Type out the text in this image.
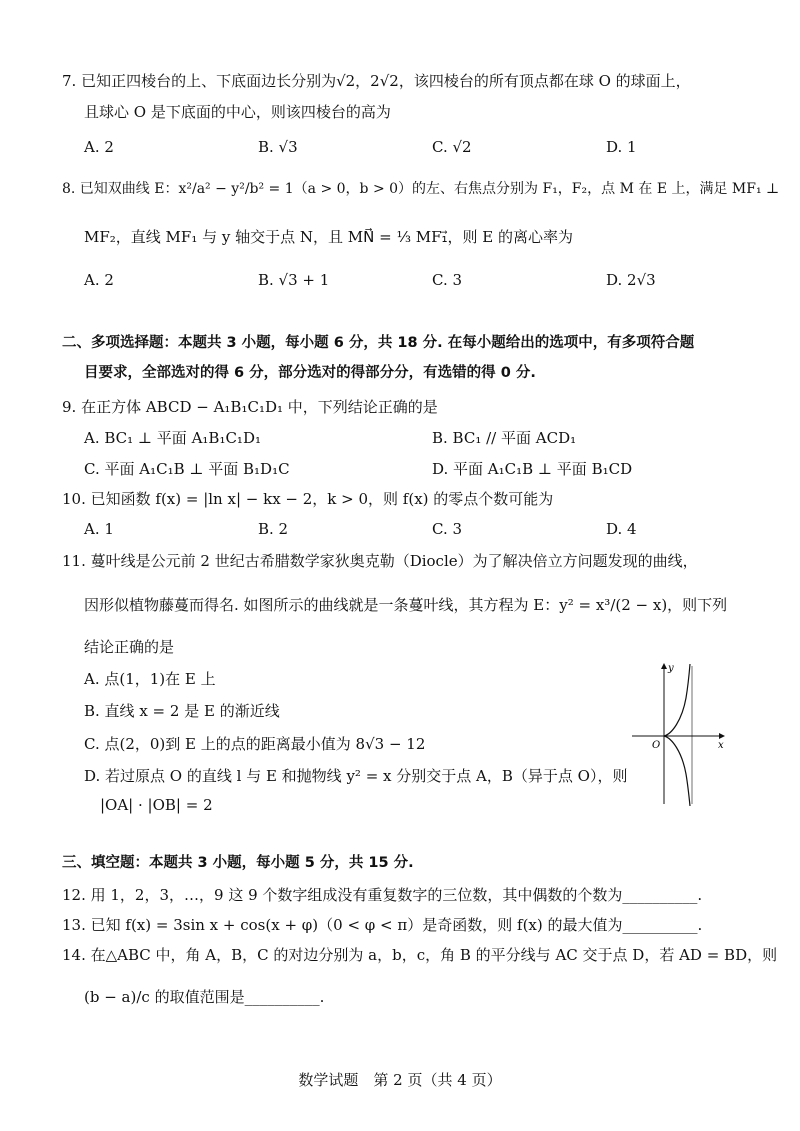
7. 已知正四棱台的上、下底面边长分别为√2，2√2，该四棱台的所有顶点都在球 O 的球面上，
且球心 O 是下底面的中心，则该四棱台的高为
A. 2	B. √3	C. √2	D. 1
8. 已知双曲线 E：x²/a² − y²/b² = 1（a > 0，b > 0）的左、右焦点分别为 F₁，F₂，点 M 在 E 上，满足 MF₁ ⊥
MF₂，直线 MF₁ 与 y 轴交于点 N，且 MN⃗ = ⅓ MF₁⃗，则 E 的离心率为
A. 2	B. √3 + 1	C. 3	D. 2√3
二、多项选择题：本题共 3 小题，每小题 6 分，共 18 分. 在每小题给出的选项中，有多项符合题
目要求，全部选对的得 6 分，部分选对的得部分分，有选错的得 0 分.
9. 在正方体 ABCD − A₁B₁C₁D₁ 中，下列结论正确的是
A. BC₁ ⊥ 平面 A₁B₁C₁D₁	B. BC₁ // 平面 ACD₁
C. 平面 A₁C₁B ⊥ 平面 B₁D₁C	D. 平面 A₁C₁B ⊥ 平面 B₁CD
10. 已知函数 f(x) = |ln x| − kx − 2，k > 0，则 f(x) 的零点个数可能为
A. 1	B. 2	C. 3	D. 4
11. 蔓叶线是公元前 2 世纪古希腊数学家狄奥克勒（Diocle）为了解决倍立方问题发现的曲线，
因形似植物藤蔓而得名. 如图所示的曲线就是一条蔓叶线，其方程为 E：y² = x³/(2 − x)，则下列
结论正确的是
A. 点(1，1)在 E 上
B. 直线 x = 2 是 E 的渐近线
C. 点(2，0)到 E 上的点的距离最小值为 8√3 − 12
D. 若过原点 O 的直线 l 与 E 和抛物线 y² = x 分别交于点 A，B（异于点 O），则
|OA| · |OB| = 2
y
x
O
三、填空题：本题共 3 小题，每小题 5 分，共 15 分.
12. 用 1，2，3，…，9 这 9 个数字组成没有重复数字的三位数，其中偶数的个数为__________.
13. 已知 f(x) = 3sin x + cos(x + φ)（0 < φ < π）是奇函数，则 f(x) 的最大值为__________.
14. 在△ABC 中，角 A，B，C 的对边分别为 a，b，c，角 B 的平分线与 AC 交于点 D，若 AD = BD，则
(b − a)/c 的取值范围是__________.
数学试题　第 2 页（共 4 页）
